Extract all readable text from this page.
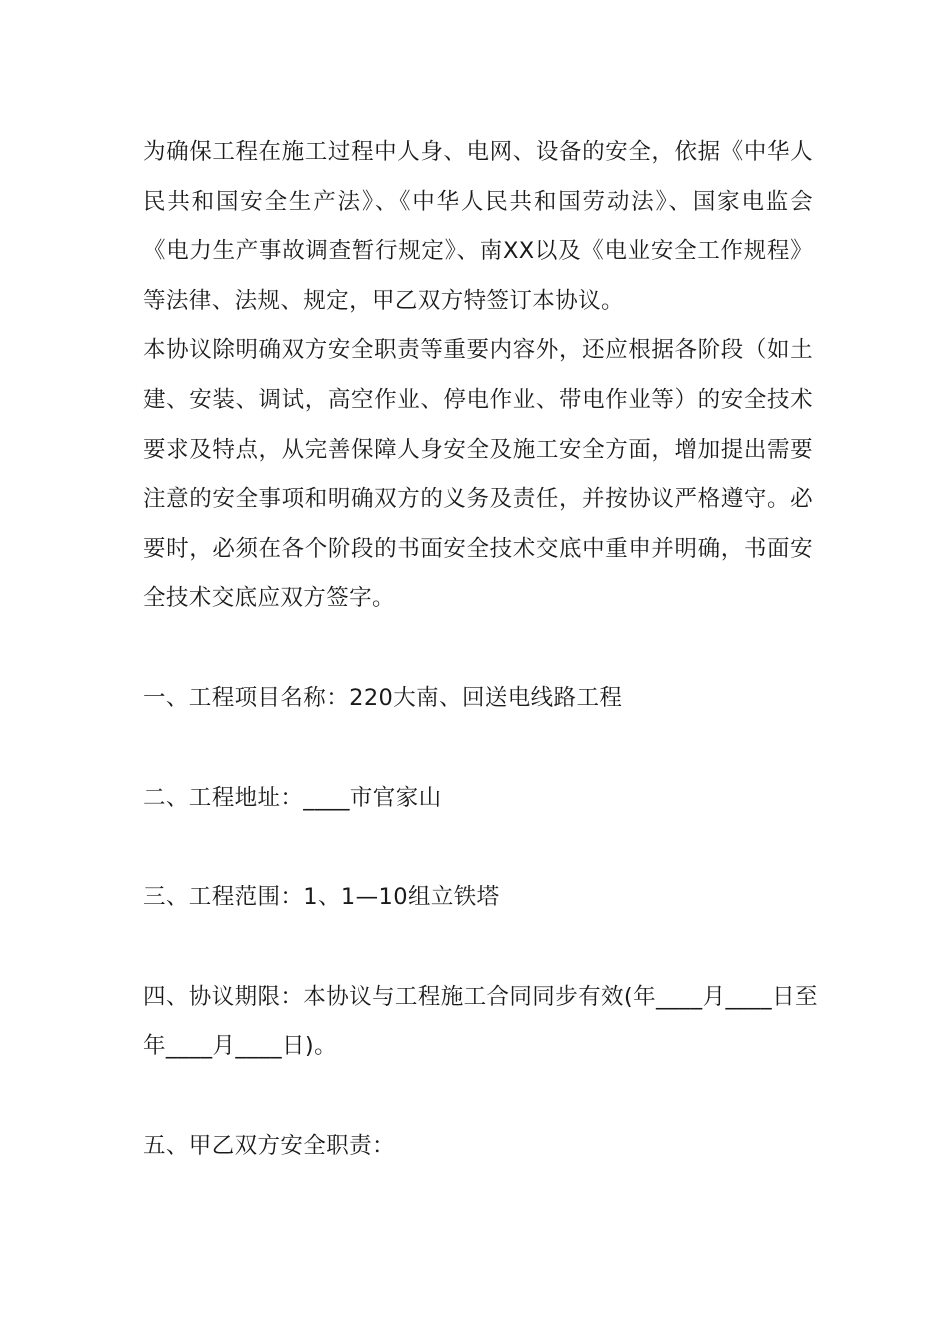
为确保工程在施工过程中人身、电网、设备的安全，依据《中华人民共和国安全生产法》、《中华人民共和国劳动法》、国家电监会《电力生产事故调查暂行规定》、南XX以及《电业安全工作规程》等法律、法规、规定，甲乙双方特签订本协议。

本协议除明确双方安全职责等重要内容外，还应根据各阶段（如土建、安装、调试，高空作业、停电作业、带电作业等）的安全技术要求及特点，从完善保障人身安全及施工安全方面，增加提出需要注意的安全事项和明确双方的义务及责任，并按协议严格遵守。必要时，必须在各个阶段的书面安全技术交底中重申并明确，书面安全技术交底应双方签字。

一、工程项目名称：220大南、回送电线路工程

二、工程地址：____市官家山

三、工程范围：1、1—10组立铁塔

四、协议期限：本协议与工程施工合同同步有效(年____月____日至
年____月____日)。

五、甲乙双方安全职责：
